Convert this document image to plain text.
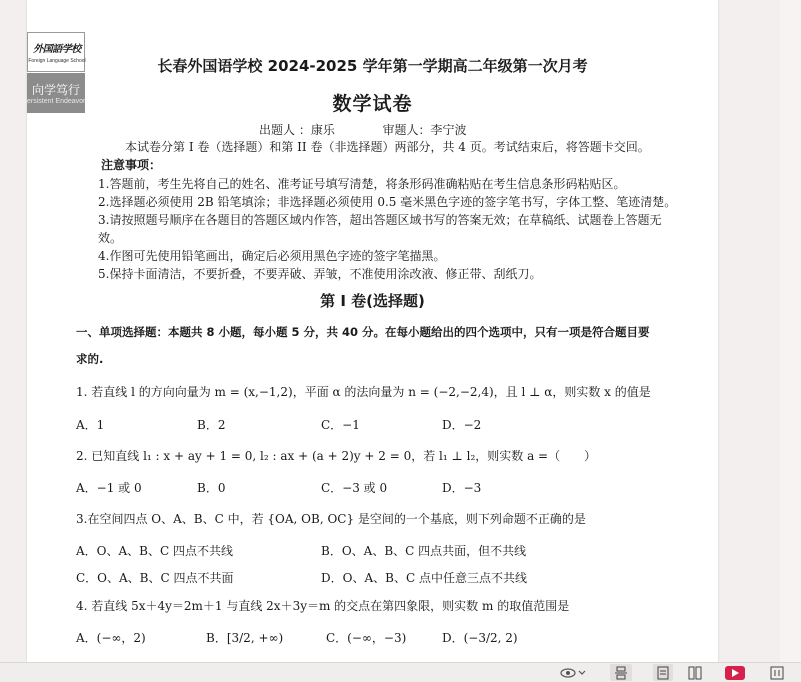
外国語学校
Foreign Language School
向学笃行
ersistent Endeavor
长春外国语学校 2024-2025 学年第一学期高二年级第一次月考
数学试卷
出题人 ：康乐	审题人：李宁波
本试卷分第 I 卷（选择题）和第 II 卷（非选择题）两部分，共 4 页。考试结束后，将答题卡交回。
注意事项：
1.答题前，考生先将自己的姓名、准考证号填写清楚，将条形码准确粘贴在考生信息条形码粘贴区。
2.选择题必须使用 2B 铅笔填涂；非选择题必须使用 0.5 毫米黑色字迹的签字笔书写，字体工整、笔迹清楚。
3.请按照题号顺序在各题目的答题区域内作答，超出答题区域书写的答案无效；在草稿纸、试题卷上答题无
效。
4.作图可先使用铅笔画出，确定后必须用黑色字迹的签字笔描黑。
5.保持卡面清洁，不要折叠，不要弄破、弄皱，不准使用涂改液、修正带、刮纸刀。
第 I 卷(选择题)
一、单项选择题：本题共 8 小题，每小题 5 分，共 40 分。在每小题给出的四个选项中，只有一项是符合题目要
求的.
1. 若直线 l 的方向向量为 m = (x,−1,2)，平面 α 的法向量为 n = (−2,−2,4)，且 l ⊥ α，则实数 x 的值是
A．1	B．2	C．−1	D．−2
2. 已知直线 l₁ : x + ay + 1 = 0, l₂ : ax + (a + 2)y + 2 = 0，若 l₁ ⊥ l₂，则实数 a =（　　）
A．−1 或 0	B．0	C．−3 或 0	D．−3
3.在空间四点 O、A、B、C 中，若 {OA, OB, OC} 是空间的一个基底，则下列命题不正确的是
A．O、A、B、C 四点不共线	B．O、A、B、C 四点共面，但不共线
C．O、A、B、C 四点不共面	D．O、A、B、C 点中任意三点不共线
4. 若直线 5x＋4y＝2m＋1 与直线 2x＋3y＝m 的交点在第四象限，则实数 m 的取值范围是
A．(−∞，2)	B．[3/2, +∞)	C．(−∞，−3)	D．(−3/2, 2)
